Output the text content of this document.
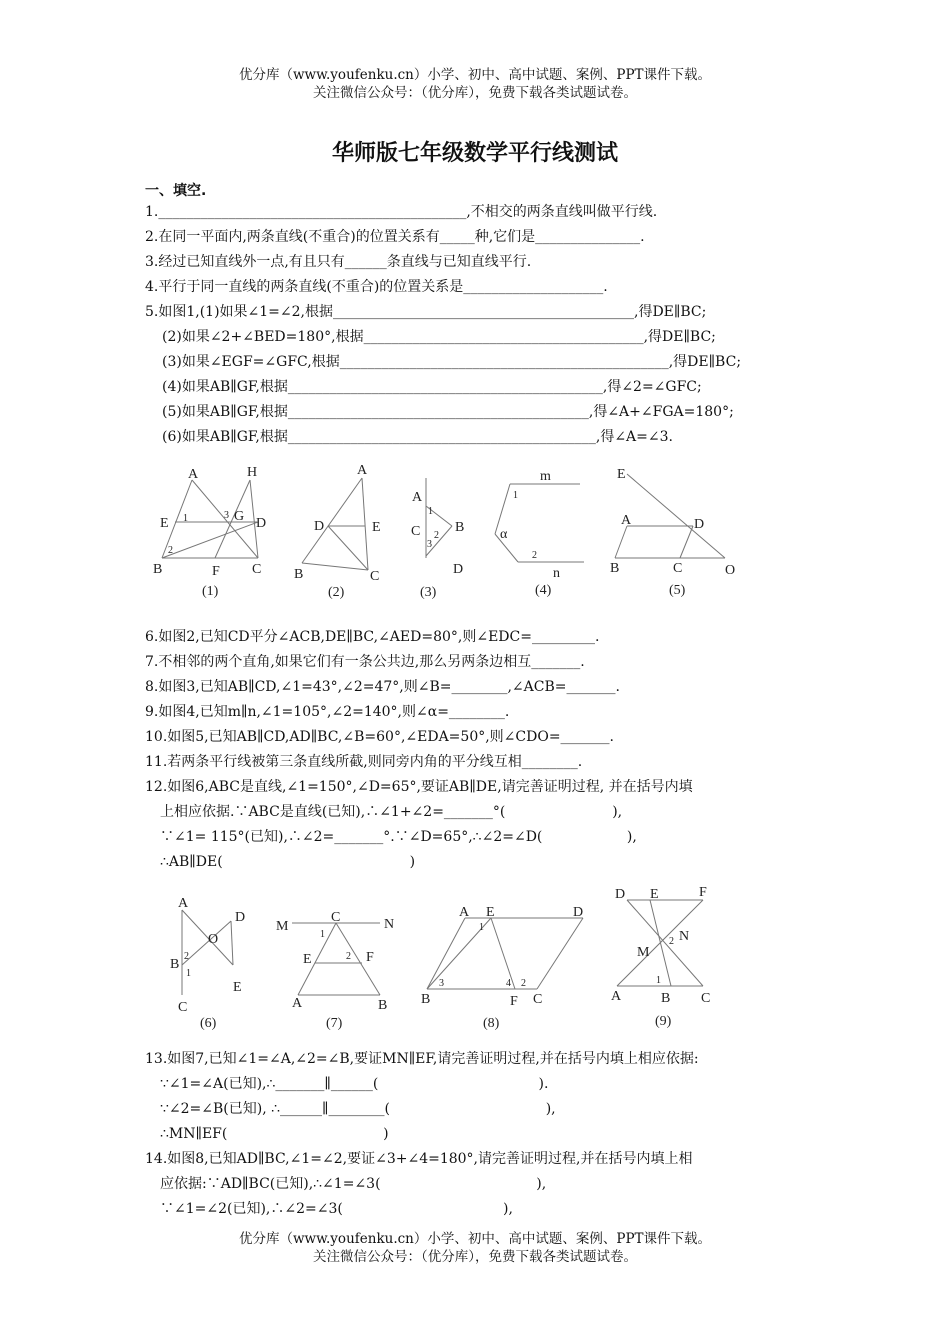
优分库（www.youfenku.cn）小学、初中、高中试题、案例、PPT课件下载。
关注微信公众号：（优分库），免费下载各类试题试卷。
华师版七年级数学平行线测试
一、填空.
1.____________________________________________,不相交的两条直线叫做平行线.
2.在同一平面内,两条直线(不重合)的位置关系有_____种,它们是_______________.
3.经过已知直线外一点,有且只有______条直线与已知直线平行.
4.平行于同一直线的两条直线(不重合)的位置关系是____________________.
5.如图1,(1)如果∠1=∠2,根据___________________________________________,得DE∥BC;
(2)如果∠2+∠BED=180°,根据________________________________________,得DE∥BC;
(3)如果∠EGF=∠GFC,根据_______________________________________________,得DE∥BC;
(4)如果AB∥GF,根据_____________________________________________,得∠2=∠GFC;
(5)如果AB∥GF,根据___________________________________________,得∠A+∠FGA=180°;
(6)如果AB∥GF,根据____________________________________________,得∠A=∠3.
A	H
E 1	3 G D
2
B	F C
(1)
A
D	E
B	C
(2)
A
1
C 2
3
B
D
(3)
m
1
α
2
n
(4)
E
A	D
B	C	O
(5)
6.如图2,已知CD平分∠ACB,DE∥BC,∠AED=80°,则∠EDC=_________.
7.不相邻的两个直角,如果它们有一条公共边,那么另两条边相互_______.
8.如图3,已知AB∥CD,∠1=43°,∠2=47°,则∠B=________,∠ACB=_______.
9.如图4,已知m∥n,∠1=105°,∠2=140°,则∠α=________.
10.如图5,已知AB∥CD,AD∥BC,∠B=60°,∠EDA=50°,则∠CDO=_______.
11.若两条平行线被第三条直线所截,则同旁内角的平分线互相________.
12.如图6,ABC是直线,∠1=150°,∠D=65°,要证AB∥DE,请完善证明过程, 并在括号内填
上相应依据.∵ABC是直线(已知),∴∠1+∠2=_______°(                        ),
∵∠1= 115°(已知),∴∠2=_______°.∵∠D=65°,∴∠2=∠D(                   ),
∴AB∥DE(                                          )
A
D
O
2
B
1
E
C
(6)
M
C	N
1
E	2 F
A	B
(7)
A E	D
1
3	4 2
B	F C
(8)
D E	F
N
2
M
1
A	B C
(9)
13.如图7,已知∠1=∠A,∠2=∠B,要证MN∥EF,请完善证明过程,并在括号内填上相应依据:
∵∠1=∠A(已知),∴_______∥______(                                    ).
∵∠2=∠B(已知), ∴______∥________(                                   ),
∴MN∥EF(                                   )
14.如图8,已知AD∥BC,∠1=∠2,要证∠3+∠4=180°,请完善证明过程,并在括号内填上相
应依据:∵AD∥BC(已知),∴∠1=∠3(                                   ),
∵∠1=∠2(已知),∴∠2=∠3(                                    ),
优分库（www.youfenku.cn）小学、初中、高中试题、案例、PPT课件下载。
关注微信公众号：（优分库），免费下载各类试题试卷。
